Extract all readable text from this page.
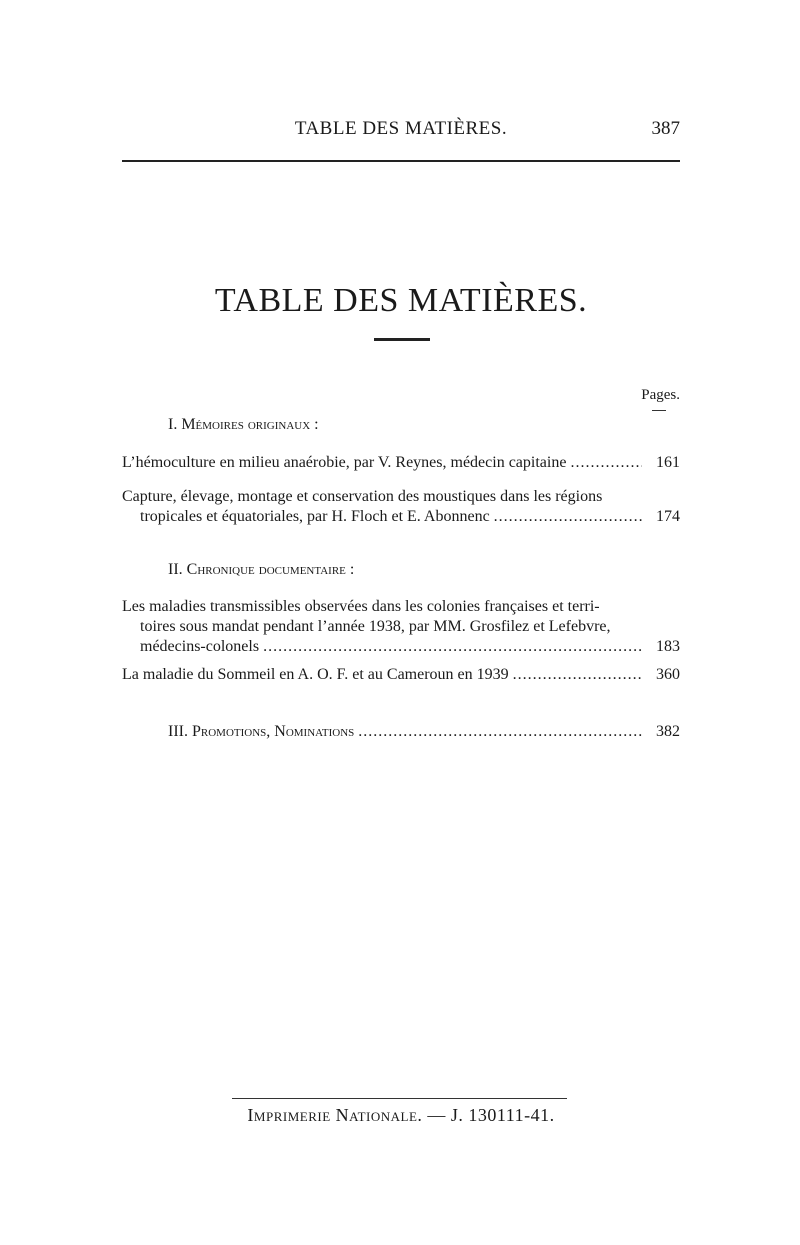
TABLE DES MATIÈRES.	387
TABLE DES MATIÈRES.
Pages.
I. Mémoires originaux :
L’hémoculture en milieu anaérobie, par V. Reynes, médecin capitaine .....	161
Capture, élevage, montage et conservation des moustiques dans les régions
tropicales et équatoriales, par H. Floch et E. Abonnenc .....	174
II. Chronique documentaire :
Les maladies transmissibles observées dans les colonies françaises et terri-
toires sous mandat pendant l’année 1938, par MM. Grosfilez et Lefebvre,
médecins-colonels .....	183
La maladie du Sommeil en A. O. F. et au Cameroun en 1939 .....	360
III.
Promotions, Nominations .....	382
Imprimerie Nationale. — J. 130111-41.
